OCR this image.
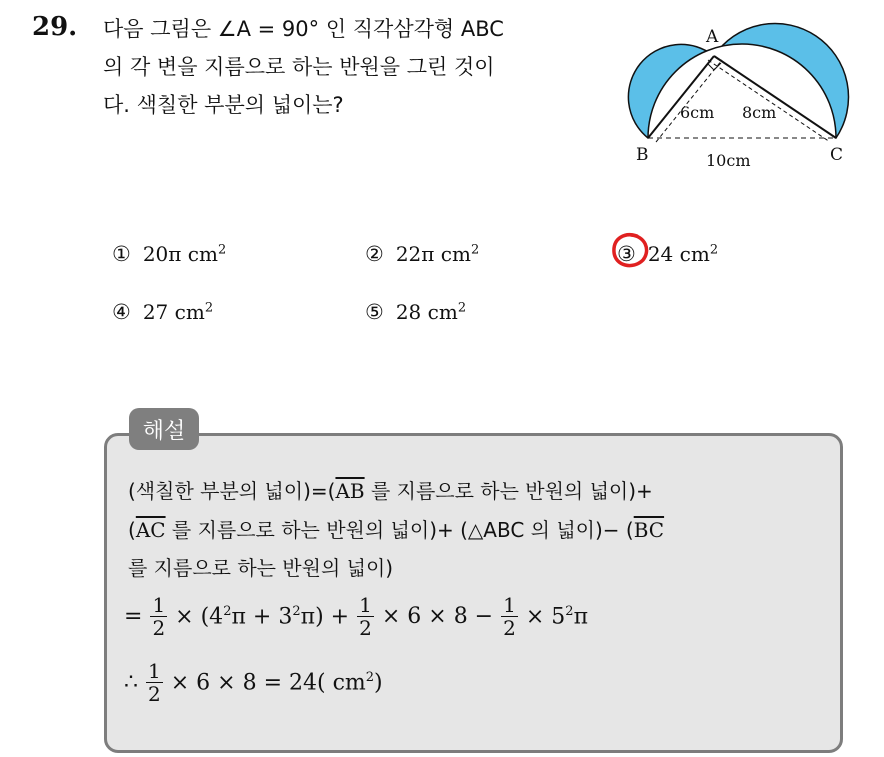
29. 다음 그림은 ∠A = 90° 인 직각삼각형 ABC
의 각 변을 지름으로 하는 반원을 그린 것이
다. 색칠한 부분의 넓이는?
A
B	C
6cm 8cm
10cm
① 20π $cm^2$	② 22π $cm^2$	③ 24 $cm^2$
④ 27 $cm^2$	⑤ 28 $cm^2$
해설
(색칠한 부분의 넓이)$=(\overline{AB}$ 를 지름으로 하는 반원의 넓이)+
($\overline{AC}$ 를 지름으로 하는 반원의 넓이)+ (△ABC 의 넓이)− ($\overline{BC}$
를 지름으로 하는 반원의 넓이)
= $\frac{1}{2} \times (4^2\pi + 3^2\pi) + \frac{1}{2} \times 6 \times 8 - \frac{1}{2} \times 5^2\pi$
∴ $\frac{1}{2} \times 6 \times 8 = 24$( $cm^2$)
